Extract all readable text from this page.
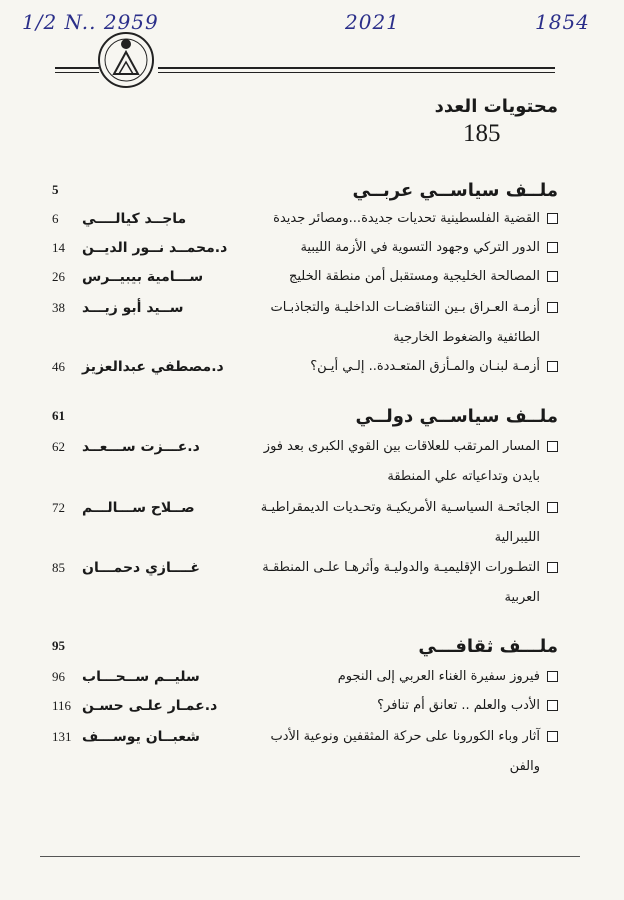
1/2 N.. 2959	2021	1854
محتويات العدد
185
ملــف سياســي عربــي
5
القضية الفلسطينية تحديات جديدة...ومصائر جديدة
ماجــد كيالــــي
6
الدور التركي وجهود التسوية في الأزمة الليبية
د.محمــد نــور الديــن
14
المصالحة الخليجية ومستقبل أمن منطقة الخليج
ســـامية بيبيــرس
26
أزمـة العـراق بـين التناقضـات الداخليـة والتجاذبـات
ســيد أبو زيـــد
38
الطائفية والضغوط الخارجية
أزمـة لبنـان والمـأزق المتعـددة.. إلـي أيـن؟
د.مصطفي عبدالعزيز
46
ملــف سياســي دولــي
61
المسار المرتقب للعلاقات بين القوي الكبرى بعد فوز
د.عـــزت ســـعــد
62
بايدن وتداعياته علي المنطقة
الجائحـة السياسـية الأمريكيـة وتحـديات الديمقراطيـة
صــلاح ســـالـــم
72
الليبرالية
التطـورات الإقليميـة والدوليـة وأثرهـا علـى المنطقـة
غــــازي دحمـــان
85
العربية
ملـــف ثقافـــي
95
فيروز سفيرة الغناء العربي إلى النجوم
سليــم ســحـــاب
96
الأدب والعلم .. تعانق أم تنافر؟
د.عمـار علـى حسـن
116
آثار وباء الكورونا على حركة المثقفين ونوعية الأدب
شعبــان يوســـف
131
والفن
